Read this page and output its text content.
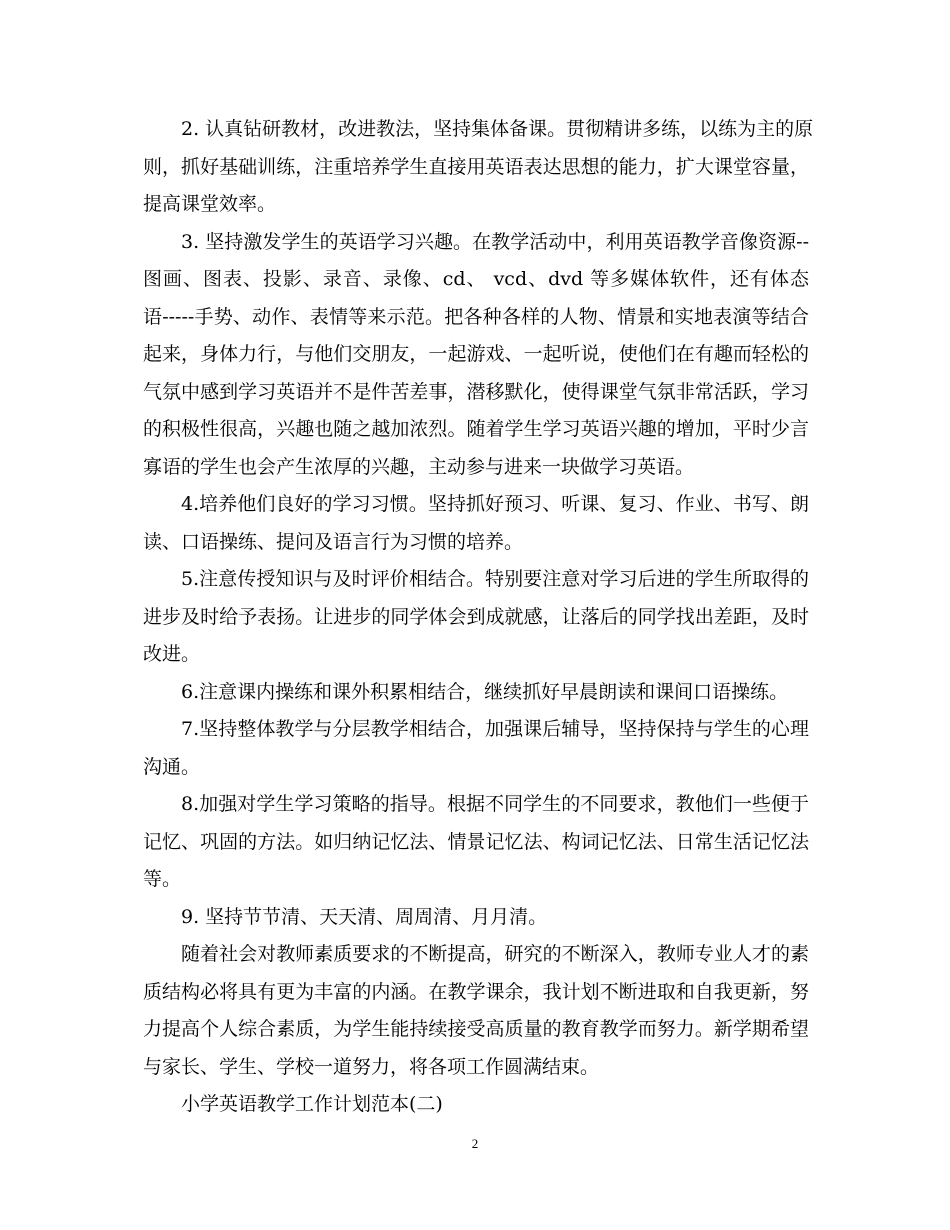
2. 认真钻研教材，改进教法，坚持集体备课。贯彻精讲多练，以练为主的原
则，抓好基础训练，注重培养学生直接用英语表达思想的能力，扩大课堂容量，
提高课堂效率。
3. 坚持激发学生的英语学习兴趣。在教学活动中，利用英语教学音像资源--
图画、图表、投影、录音、录像、cd、 vcd、dvd 等多媒体软件，还有体态
语-----手势、动作、表情等来示范。把各种各样的人物、情景和实地表演等结合
起来，身体力行，与他们交朋友，一起游戏、一起听说，使他们在有趣而轻松的
气氛中感到学习英语并不是件苦差事，潜移默化，使得课堂气氛非常活跃，学习
的积极性很高，兴趣也随之越加浓烈。随着学生学习英语兴趣的增加，平时少言
寡语的学生也会产生浓厚的兴趣，主动参与进来一块做学习英语。
4.培养他们良好的学习习惯。坚持抓好预习、听课、复习、作业、书写、朗
读、口语操练、提问及语言行为习惯的培养。
5.注意传授知识与及时评价相结合。特别要注意对学习后进的学生所取得的
进步及时给予表扬。让进步的同学体会到成就感，让落后的同学找出差距，及时
改进。
6.注意课内操练和课外积累相结合，继续抓好早晨朗读和课间口语操练。
7.坚持整体教学与分层教学相结合，加强课后辅导，坚持保持与学生的心理
沟通。
8.加强对学生学习策略的指导。根据不同学生的不同要求，教他们一些便于
记忆、巩固的方法。如归纳记忆法、情景记忆法、构词记忆法、日常生活记忆法
等。
9. 坚持节节清、天天清、周周清、月月清。
随着社会对教师素质要求的不断提高，研究的不断深入，教师专业人才的素
质结构必将具有更为丰富的内涵。在教学课余，我计划不断进取和自我更新，努
力提高个人综合素质，为学生能持续接受高质量的教育教学而努力。新学期希望
与家长、学生、学校一道努力，将各项工作圆满结束。
小学英语教学工作计划范本(二)
2
